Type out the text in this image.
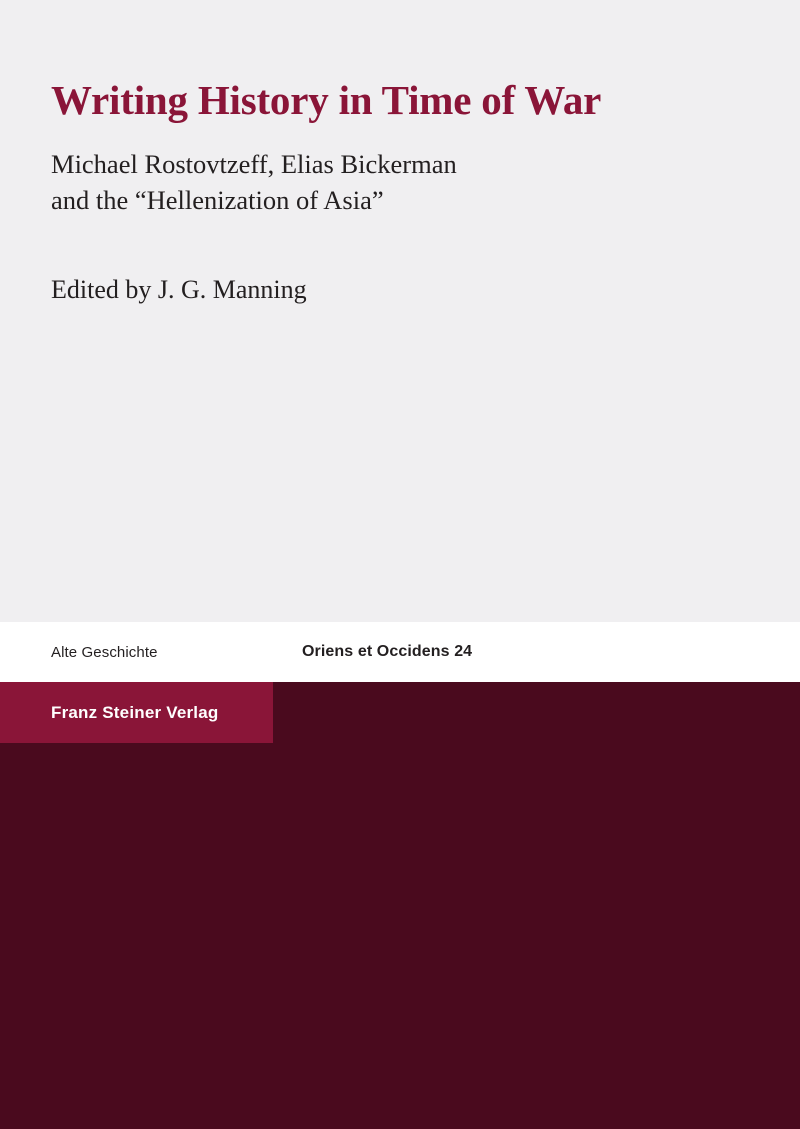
Writing History in Time of War
Michael Rostovtzeff, Elias Bickerman
and the “Hellenization of Asia”
Edited by J. G. Manning
Alte Geschichte	Oriens et Occidens 24
Franz Steiner Verlag
